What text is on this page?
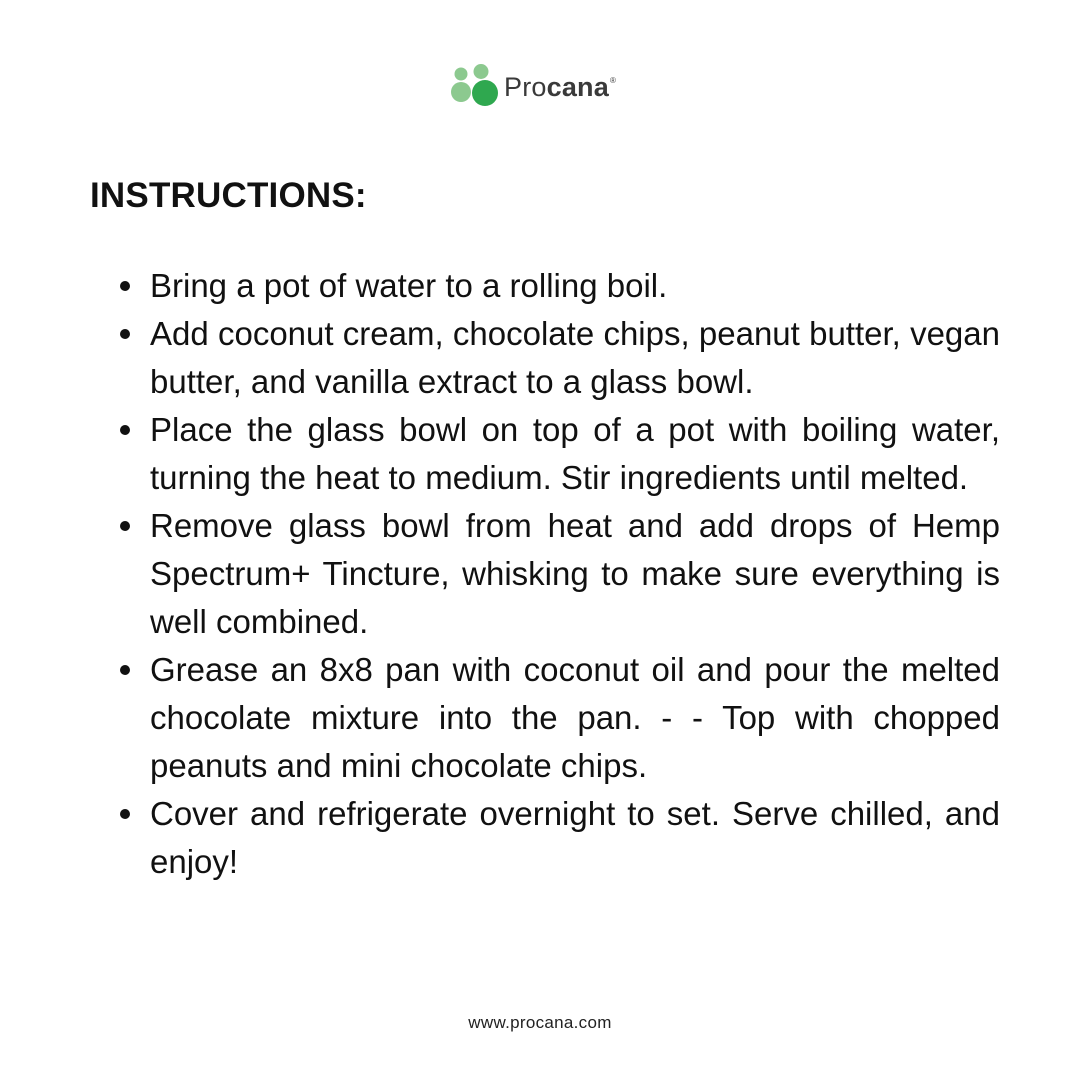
Procana®
INSTRUCTIONS:
Bring a pot of water to a rolling boil.
Add coconut cream, chocolate chips, peanut butter, vegan butter, and vanilla extract to a glass bowl.
Place the glass bowl on top of a pot with boiling water, turning the heat to medium. Stir ingredients until melted.
Remove glass bowl from heat and add drops of Hemp Spectrum+ Tincture, whisking to make sure everything is well combined.
Grease an 8x8 pan with coconut oil and pour the melted chocolate mixture into the pan. - - Top with chopped peanuts and mini chocolate chips.
Cover and refrigerate overnight to set. Serve chilled, and enjoy!
www.procana.com
